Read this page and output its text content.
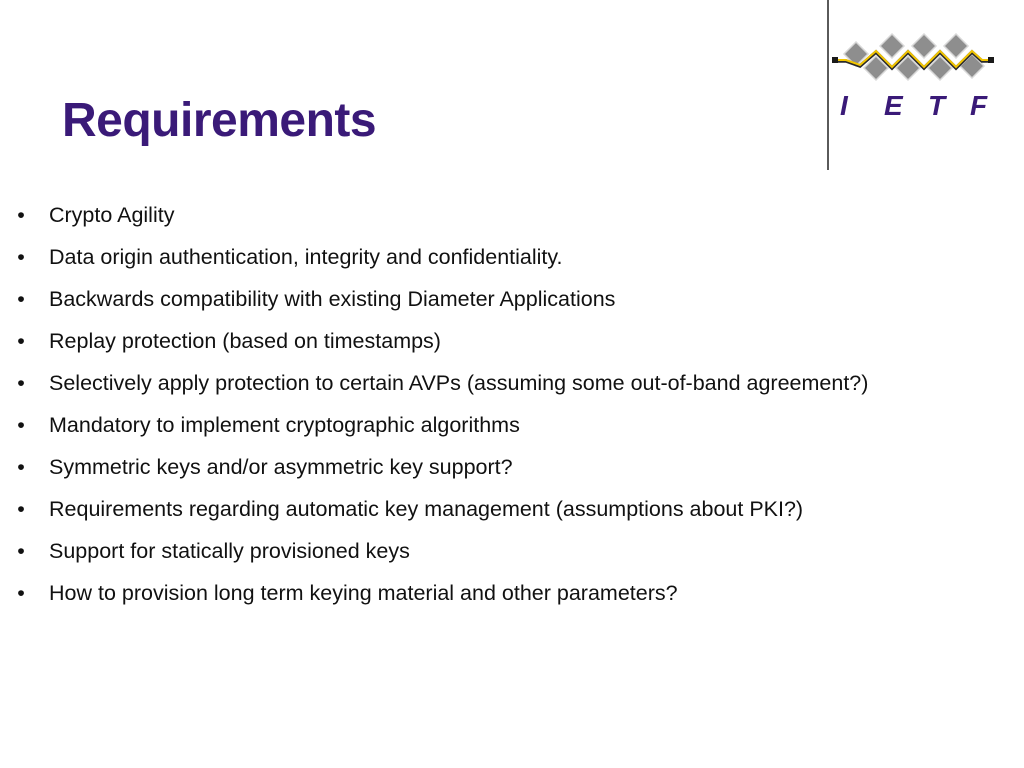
Requirements	I E T F
• Crypto Agility
• Data origin authentication, integrity and confidentiality.
• Backwards compatibility with existing Diameter Applications
• Replay protection (based on timestamps)
• Selectively apply protection to certain AVPs (assuming some out-of-band agreement?)
• Mandatory to implement cryptographic algorithms
• Symmetric keys and/or asymmetric key support?
• Requirements regarding automatic key management (assumptions about PKI?)
• Support for statically provisioned keys
• How to provision long term keying material and other parameters?
